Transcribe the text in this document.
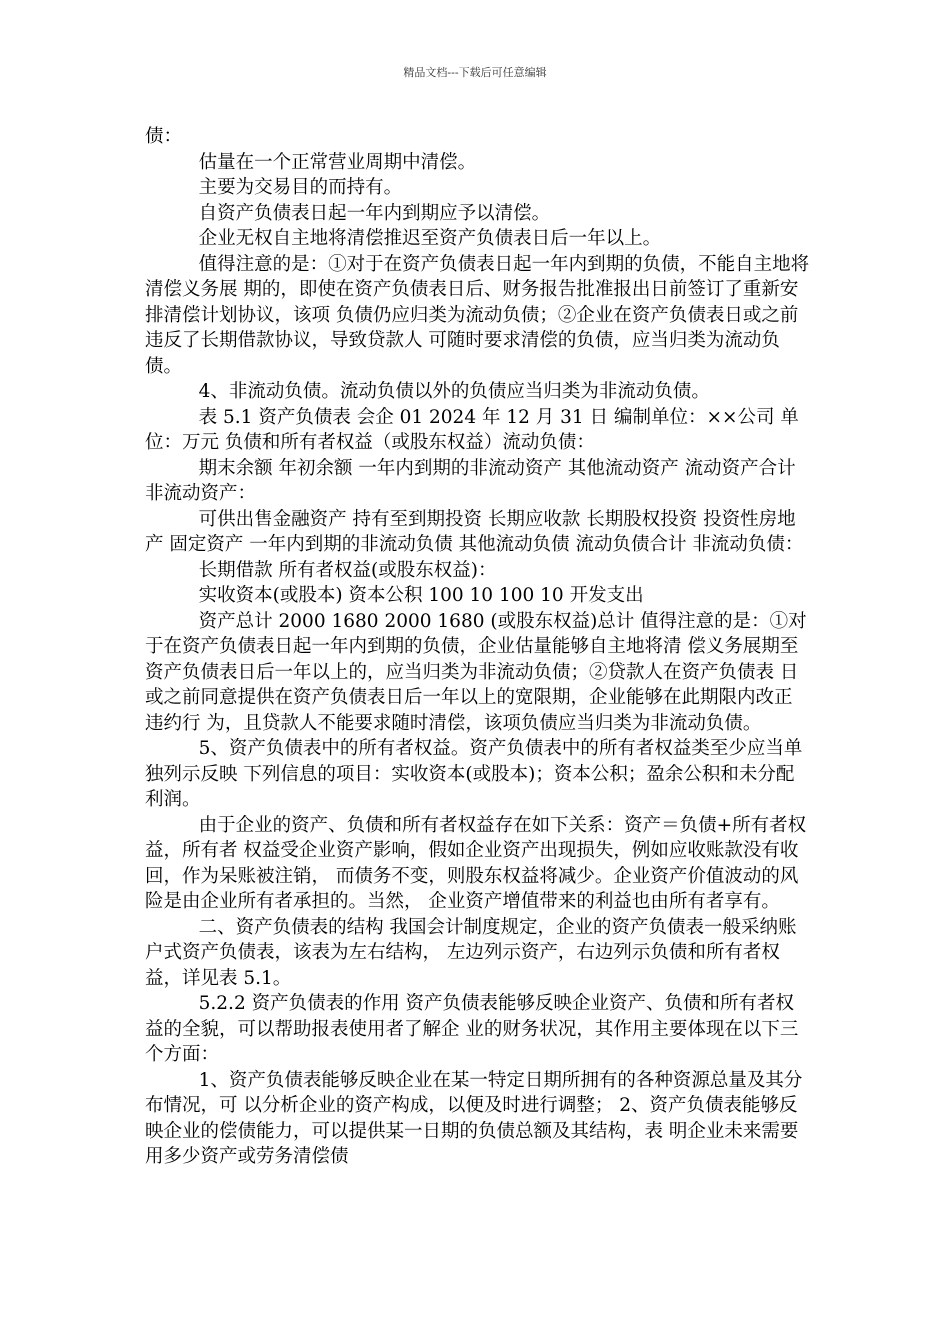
精品文档---下载后可任意编辑

债：

估量在一个正常营业周期中清偿。

主要为交易目的而持有。

自资产负债表日起一年内到期应予以清偿。

企业无权自主地将清偿推迟至资产负债表日后一年以上。

值得注意的是：①对于在资产负债表日起一年内到期的负债，不能自主地将清偿义务展 期的，即使在资产负债表日后、财务报告批准报出日前签订了重新安排清偿计划协议，该项 负债仍应归类为流动负债；②企业在资产负债表日或之前违反了长期借款协议，导致贷款人 可随时要求清偿的负债，应当归类为流动负债。

4、非流动负债。流动负债以外的负债应当归类为非流动负债。

表 5.1 资产负债表 会企 01 2024 年 12 月 31 日 编制单位：××公司 单位：万元 负债和所有者权益（或股东权益）流动负债：

期末余额 年初余额 一年内到期的非流动资产 其他流动资产 流动资产合计 非流动资产：

可供出售金融资产 持有至到期投资 长期应收款 长期股权投资 投资性房地产 固定资产 一年内到期的非流动负债 其他流动负债 流动负债合计 非流动负债：

长期借款 所有者权益(或股东权益)：

实收资本(或股本) 资本公积 100 10 100 10 开发支出

资产总计 2000 1680 2000 1680 (或股东权益)总计 值得注意的是：①对于在资产负债表日起一年内到期的负债，企业估量能够自主地将清 偿义务展期至资产负债表日后一年以上的，应当归类为非流动负债；②贷款人在资产负债表 日或之前同意提供在资产负债表日后一年以上的宽限期，企业能够在此期限内改正违约行 为，且贷款人不能要求随时清偿，该项负债应当归类为非流动负债。

5、资产负债表中的所有者权益。资产负债表中的所有者权益类至少应当单独列示反映 下列信息的项目：实收资本(或股本)；资本公积；盈余公积和未分配利润。

由于企业的资产、负债和所有者权益存在如下关系：资产＝负债+所有者权益，所有者 权益受企业资产影响，假如企业资产出现损失，例如应收账款没有收回，作为呆账被注销， 而债务不变，则股东权益将减少。企业资产价值波动的风险是由企业所有者承担的。当然， 企业资产增值带来的利益也由所有者享有。

二、资产负债表的结构 我国会计制度规定，企业的资产负债表一般采纳账户式资产负债表，该表为左右结构， 左边列示资产，右边列示负债和所有者权益，详见表 5.1。

5.2.2 资产负债表的作用 资产负债表能够反映企业资产、负债和所有者权益的全貌，可以帮助报表使用者了解企 业的财务状况，其作用主要体现在以下三个方面：

1、资产负债表能够反映企业在某一特定日期所拥有的各种资源总量及其分布情况，可 以分析企业的资产构成，以便及时进行调整； 2、资产负债表能够反映企业的偿债能力，可以提供某一日期的负债总额及其结构，表 明企业未来需要用多少资产或劳务清偿债
